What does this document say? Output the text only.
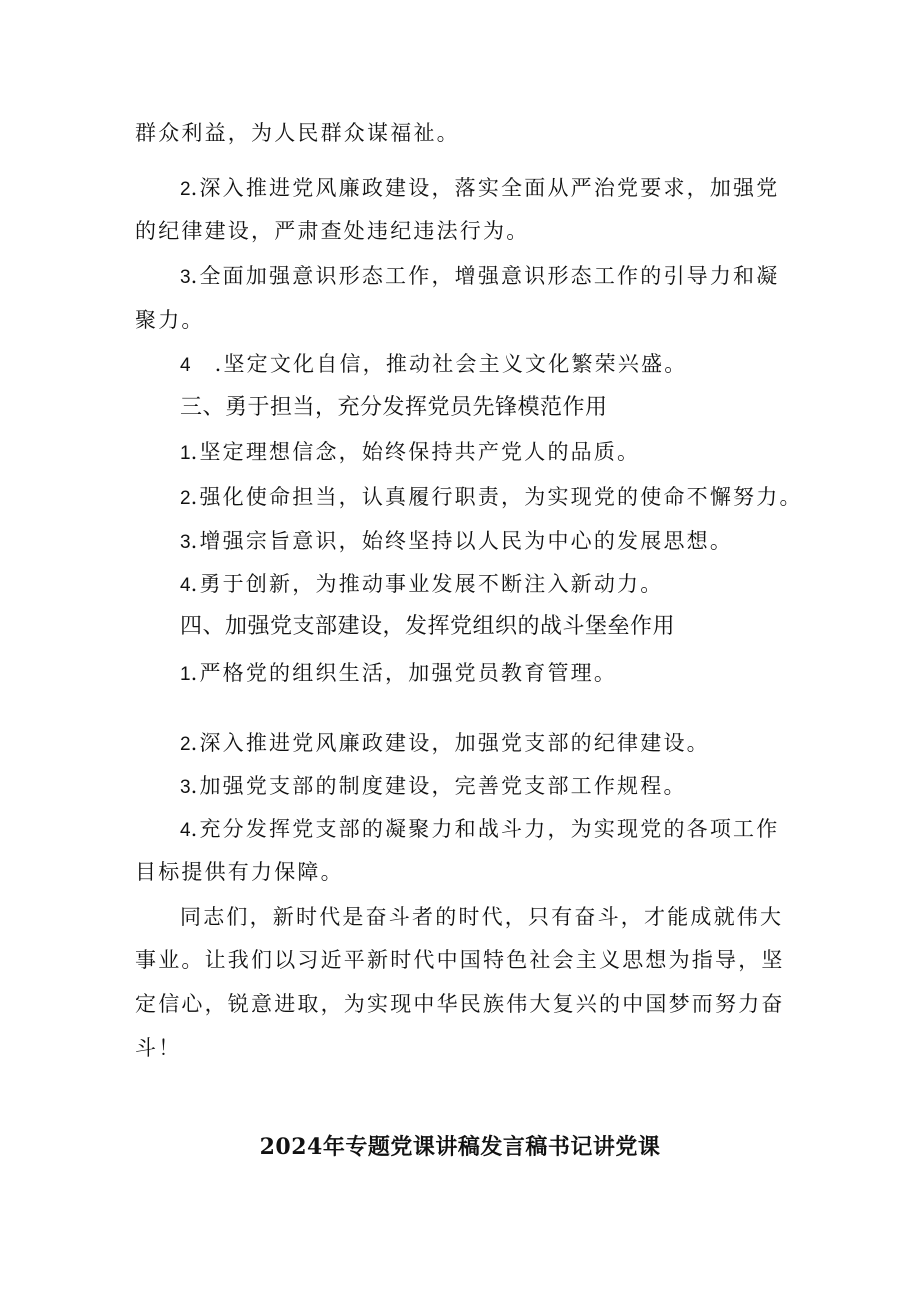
群众利益，为人民群众谋福祉。
2.深入推进党风廉政建设，落实全面从严治党要求，加强党
的纪律建设，严肃查处违纪违法行为。
3.全面加强意识形态工作，增强意识形态工作的引导力和凝
聚力。
4 .坚定文化自信，推动社会主义文化繁荣兴盛。
三、勇于担当，充分发挥党员先锋模范作用
1.坚定理想信念，始终保持共产党人的品质。
2.强化使命担当，认真履行职责，为实现党的使命不懈努力。
3.增强宗旨意识，始终坚持以人民为中心的发展思想。
4.勇于创新，为推动事业发展不断注入新动力。
四、加强党支部建设，发挥党组织的战斗堡垒作用
1.严格党的组织生活，加强党员教育管理。
2.深入推进党风廉政建设，加强党支部的纪律建设。
3.加强党支部的制度建设，完善党支部工作规程。
4.充分发挥党支部的凝聚力和战斗力，为实现党的各项工作
目标提供有力保障。
同志们，新时代是奋斗者的时代，只有奋斗，才能成就伟大
事业。让我们以习近平新时代中国特色社会主义思想为指导，坚
定信心，锐意进取，为实现中华民族伟大复兴的中国梦而努力奋
斗！
2024年专题党课讲稿发言稿书记讲党课
